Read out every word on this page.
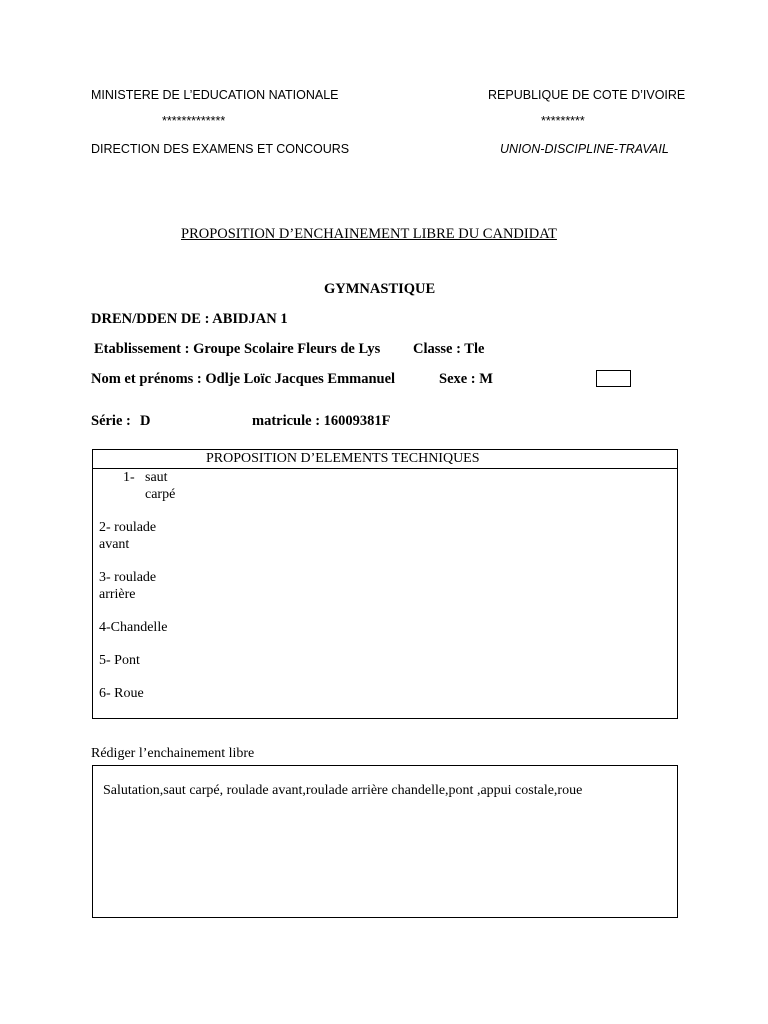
MINISTERE DE L’EDUCATION NATIONALE
*************
DIRECTION DES EXAMENS ET CONCOURS
REPUBLIQUE DE COTE D’IVOIRE
*********
UNION-DISCIPLINE-TRAVAIL
PROPOSITION D’ENCHAINEMENT LIBRE DU CANDIDAT
GYMNASTIQUE
DREN/DDEN DE : ABIDJAN 1
Etablissement : Groupe Scolaire Fleurs de Lys Classe : Tle
Nom et prénoms : Odlje Loïc Jacques Emmanuel	Sexe : M
Série : D	matricule : 16009381F
PROPOSITION D’ELEMENTS TECHNIQUES
1- saut
carpé
2- roulade
avant
3- roulade
arrière
4-Chandelle
5- Pont
6- Roue
Rédiger l’enchainement libre
Salutation,saut carpé, roulade avant,roulade arrière chandelle,pont ,appui costale,roue
